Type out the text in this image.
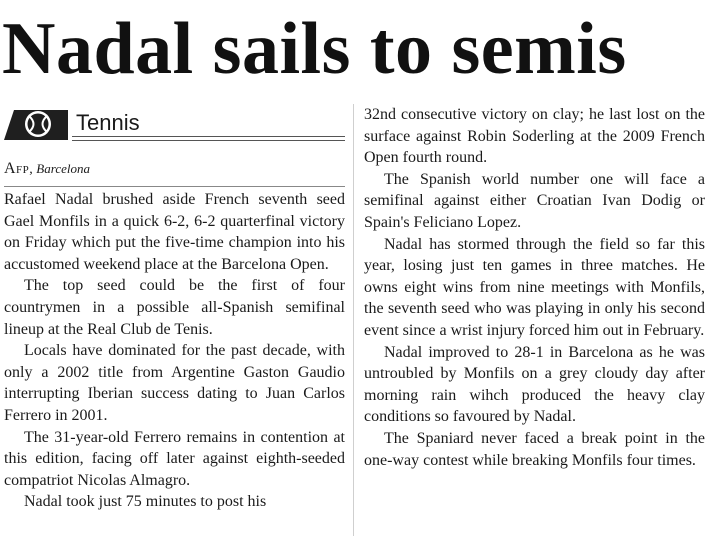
Nadal sails to semis
Tennis
Afp, Barcelona

Rafael Nadal brushed aside French seventh seed Gael Monfils in a quick 6-2, 6-2 quarterfinal victory on Friday which put the five-time champion into his accustomed weekend place at the Barcelona Open.

The top seed could be the first of four countrymen in a possible all-Spanish semifinal lineup at the Real Club de Tenis.

Locals have dominated for the past decade, with only a 2002 title from Argentine Gaston Gaudio interrupting Iberian success dating to Juan Carlos Ferrero in 2001.

The 31-year-old Ferrero remains in contention at this edition, facing off later against eighth-seeded compatriot Nicolas Almagro.

Nadal took just 75 minutes to post his

32nd consecutive victory on clay; he last lost on the surface against Robin Soderling at the 2009 French Open fourth round.

The Spanish world number one will face a semifinal against either Croatian Ivan Dodig or Spain's Feliciano Lopez.

Nadal has stormed through the field so far this year, losing just ten games in three matches. He owns eight wins from nine meetings with Monfils, the seventh seed who was playing in only his second event since a wrist injury forced him out in February.

Nadal improved to 28-1 in Barcelona as he was untroubled by Monfils on a grey cloudy day after morning rain wihch produced the heavy clay conditions so favoured by Nadal.

The Spaniard never faced a break point in the one-way contest while breaking Monfils four times.
